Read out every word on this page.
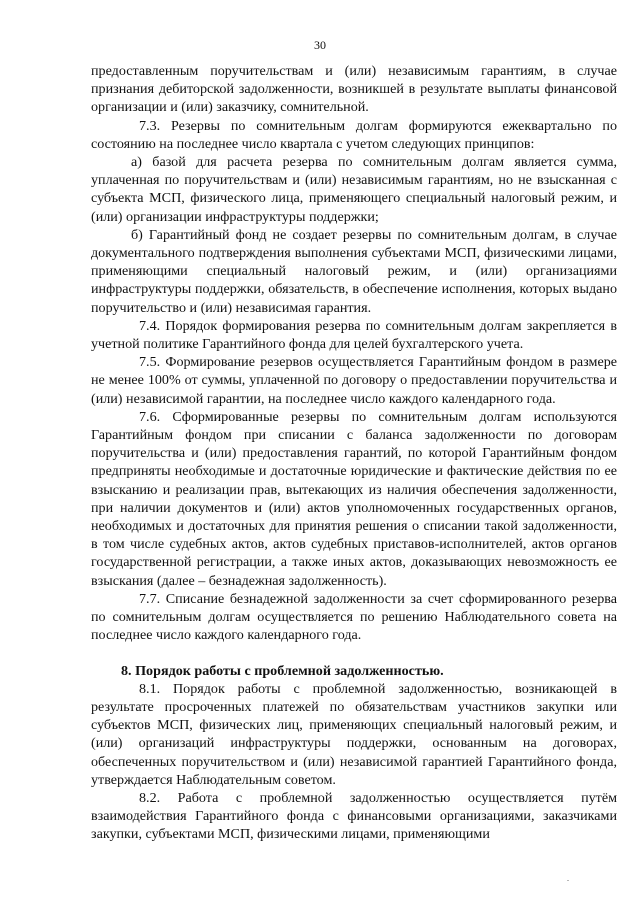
30

предоставленным поручительствам и (или) независимым гарантиям, в случае признания дебиторской задолженности, возникшей в результате выплаты финансовой организации и (или) заказчику, сомнительной.

7.3. Резервы по сомнительным долгам формируются ежеквартально по состоянию на последнее число квартала с учетом следующих принципов:

а) базой для расчета резерва по сомнительным долгам является сумма, уплаченная по поручительствам и (или) независимым гарантиям, но не взысканная с субъекта МСП, физического лица, применяющего специальный налоговый режим, и (или) организации инфраструктуры поддержки;

б) Гарантийный фонд не создает резервы по сомнительным долгам, в случае документального подтверждения выполнения субъектами МСП, физическими лицами, применяющими специальный налоговый режим, и (или) организациями инфраструктуры поддержки, обязательств, в обеспечение исполнения, которых выдано поручительство и (или) независимая гарантия.

7.4. Порядок формирования резерва по сомнительным долгам закрепляется в учетной политике Гарантийного фонда для целей бухгалтерского учета.

7.5. Формирование резервов осуществляется Гарантийным фондом в размере не менее 100% от суммы, уплаченной по договору о предоставлении поручительства и (или) независимой гарантии, на последнее число каждого календарного года.

7.6. Сформированные резервы по сомнительным долгам используются Гарантийным фондом при списании с баланса задолженности по договорам поручительства и (или) предоставления гарантий, по которой Гарантийным фондом предприняты необходимые и достаточные юридические и фактические действия по ее взысканию и реализации прав, вытекающих из наличия обеспечения задолженности, при наличии документов и (или) актов уполномоченных государственных органов, необходимых и достаточных для принятия решения о списании такой задолженности, в том числе судебных актов, актов судебных приставов-исполнителей, актов органов государственной регистрации, а также иных актов, доказывающих невозможность ее взыскания (далее – безнадежная задолженность).

7.7. Списание безнадежной задолженности за счет сформированного резерва по сомнительным долгам осуществляется по решению Наблюдательного совета на последнее число каждого календарного года.

8. Порядок работы с проблемной задолженностью.

8.1. Порядок работы с проблемной задолженностью, возникающей в результате просроченных платежей по обязательствам участников закупки или субъектов МСП, физических лиц, применяющих специальный налоговый режим, и (или) организаций инфраструктуры поддержки, основанным на договорах, обеспеченных поручительством и (или) независимой гарантией Гарантийного фонда, утверждается Наблюдательным советом.

8.2. Работа с проблемной задолженностью осуществляется путём взаимодействия Гарантийного фонда с финансовыми организациями, заказчиками закупки, субъектами МСП, физическими лицами, применяющими

.
